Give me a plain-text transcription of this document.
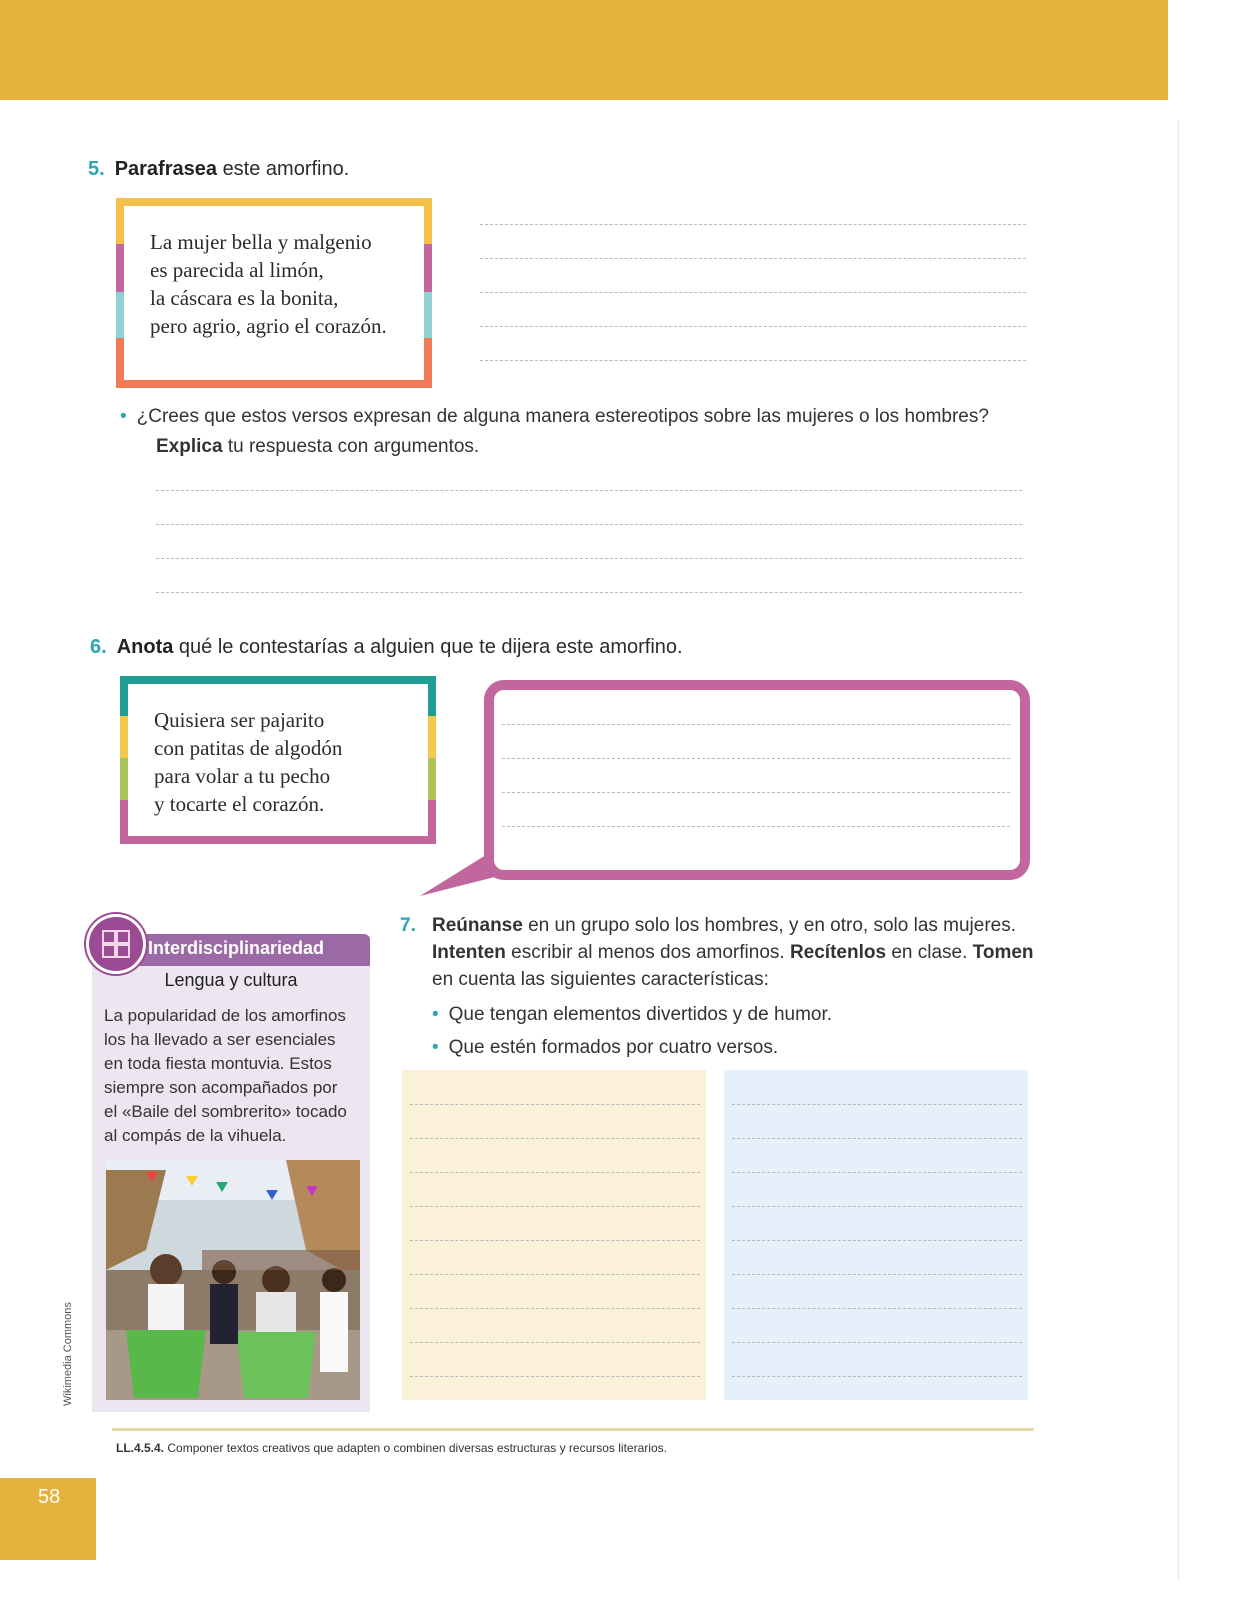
5. Parafrasea este amorfino.
La mujer bella y malgenio
es parecida al limón,
la cáscara es la bonita,
pero agrio, agrio el corazón.
• ¿Crees que estos versos expresan de alguna manera estereotipos sobre las mujeres o los hombres?
Explica tu respuesta con argumentos.
6. Anota qué le contestarías a alguien que te dijera este amorfino.
Quisiera ser pajarito
con patitas de algodón
para volar a tu pecho
y tocarte el corazón.
Interdisciplinariedad
Lengua y cultura
La popularidad de los amorfinos
los ha llevado a ser esenciales
en toda fiesta montuvia. Estos
siempre son acompañados por
el «Baile del sombrerito» tocado
al compás de la vihuela.
Wikimedia Commons
7. Reúnanse en un grupo solo los hombres, y en otro, solo las mujeres. Intenten escribir al menos dos amorfinos. Recítenlos en clase. Tomen en cuenta las siguientes características:
• Que tengan elementos divertidos y de humor.
• Que estén formados por cuatro versos.
LL.4.5.4. Componer textos creativos que adapten o combinen diversas estructuras y recursos literarios.
58
